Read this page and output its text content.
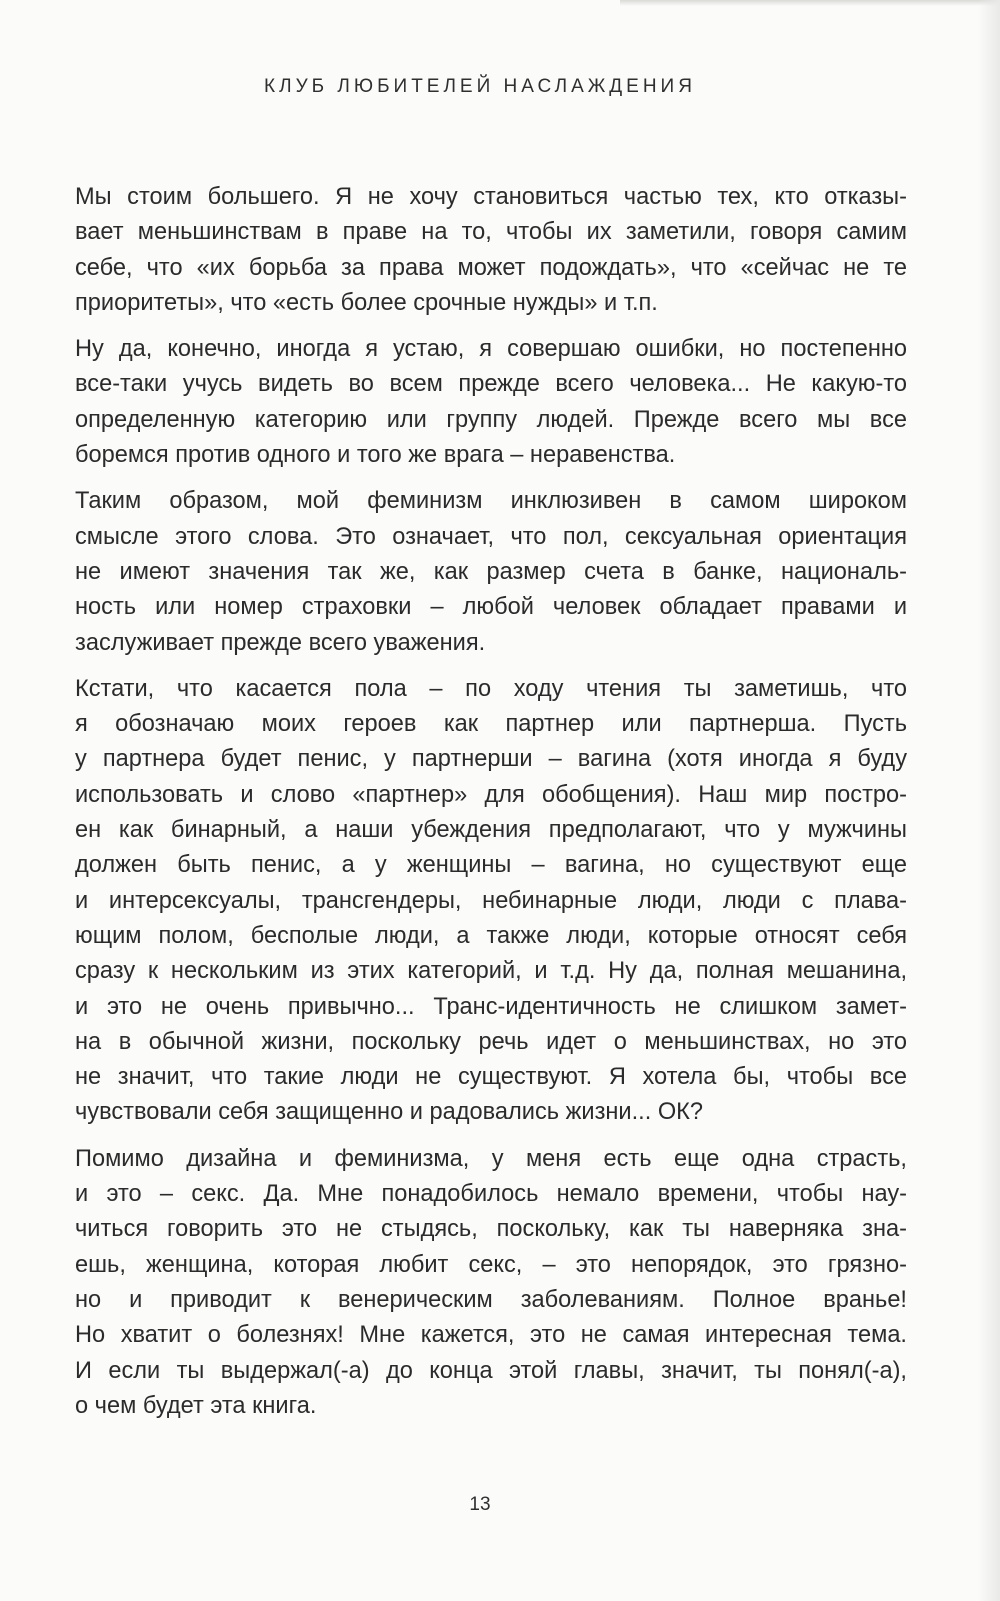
КЛУБ ЛЮБИТЕЛЕЙ НАСЛАЖДЕНИЯ
Мы стоим большего. Я не хочу становиться частью тех, кто отказы-
вает меньшинствам в праве на то, чтобы их заметили, говоря самим
себе, что «их борьба за права может подождать», что «сейчас не те
приоритеты», что «есть более срочные нужды» и т.п.
Ну да, конечно, иногда я устаю, я совершаю ошибки, но постепенно
все-таки учусь видеть во всем прежде всего человека... Не какую-то
определенную категорию или группу людей. Прежде всего мы все
боремся против одного и того же врага – неравенства.
Таким образом, мой феминизм инклюзивен в самом широком
смысле этого слова. Это означает, что пол, сексуальная ориентация
не имеют значения так же, как размер счета в банке, националь-
ность или номер страховки – любой человек обладает правами и
заслуживает прежде всего уважения.
Кстати, что касается пола – по ходу чтения ты заметишь, что
я обозначаю моих героев как партнер или партнерша. Пусть
у партнера будет пенис, у партнерши – вагина (хотя иногда я буду
использовать и слово «партнер» для обобщения). Наш мир постро-
ен как бинарный, а наши убеждения предполагают, что у мужчины
должен быть пенис, а у женщины – вагина, но существуют еще
и интерсексуалы, трансгендеры, небинарные люди, люди с плава-
ющим полом, бесполые люди, а также люди, которые относят себя
сразу к нескольким из этих категорий, и т.д. Ну да, полная мешанина,
и это не очень привычно... Транс-идентичность не слишком замет-
на в обычной жизни, поскольку речь идет о меньшинствах, но это
не значит, что такие люди не существуют. Я хотела бы, чтобы все
чувствовали себя защищенно и радовались жизни... ОК?
Помимо дизайна и феминизма, у меня есть еще одна страсть,
и это – секс. Да. Мне понадобилось немало времени, чтобы нау-
читься говорить это не стыдясь, поскольку, как ты наверняка зна-
ешь, женщина, которая любит секс, – это непорядок, это грязно-
но и приводит к венерическим заболеваниям. Полное вранье!
Но хватит о болезнях! Мне кажется, это не самая интересная тема.
И если ты выдержал(-а) до конца этой главы, значит, ты понял(-а),
о чем будет эта книга.
13
